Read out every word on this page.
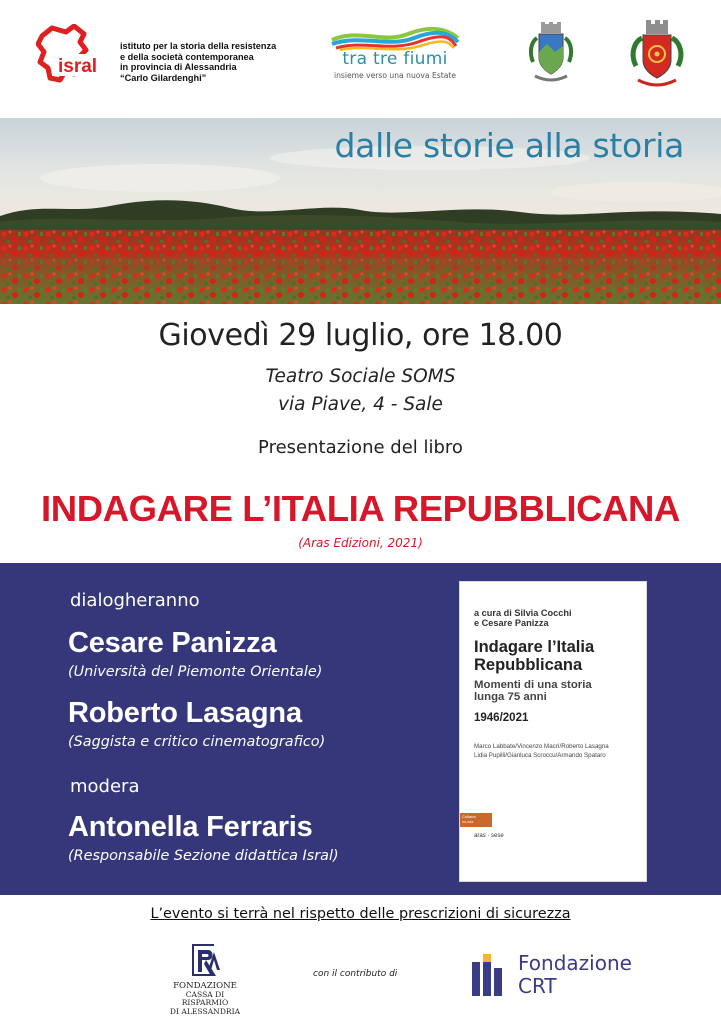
isral
istituto per la storia della resistenza
e della società contemporanea
in provincia di Alessandria
“Carlo Gilardenghi”
tra tre fiumi
insieme verso una nuova Estate
dalle storie alla storia
Giovedì 29 luglio, ore 18.00
Teatro Sociale SOMS
via Piave, 4 - Sale
Presentazione del libro
INDAGARE L’ITALIA REPUBBLICANA
(Aras Edizioni, 2021)
dialogheranno
Cesare Panizza
(Università del Piemonte Orientale)
Roberto Lasagna
(Saggista e critico cinematografico)
modera
Antonella Ferraris
(Responsabile Sezione didattica Isral)
a cura di Silvia Cocchi
e Cesare Panizza
Indagare l’Italia
Repubblicana
Momenti di una storia
lunga 75 anni
1946/2021
Marco Labbate/Vincenzo Macrì/Roberto Lasagna
Lidia Pupilli/Gianluca Scroccu/Armando Spataro
Collana
xx-xxx
aras · sese
L’evento si terrà nel rispetto delle prescrizioni di sicurezza
FONDAZIONE
CASSA DI RISPARMIO
DI ALESSANDRIA
con il contributo di	Fondazione
CRT
